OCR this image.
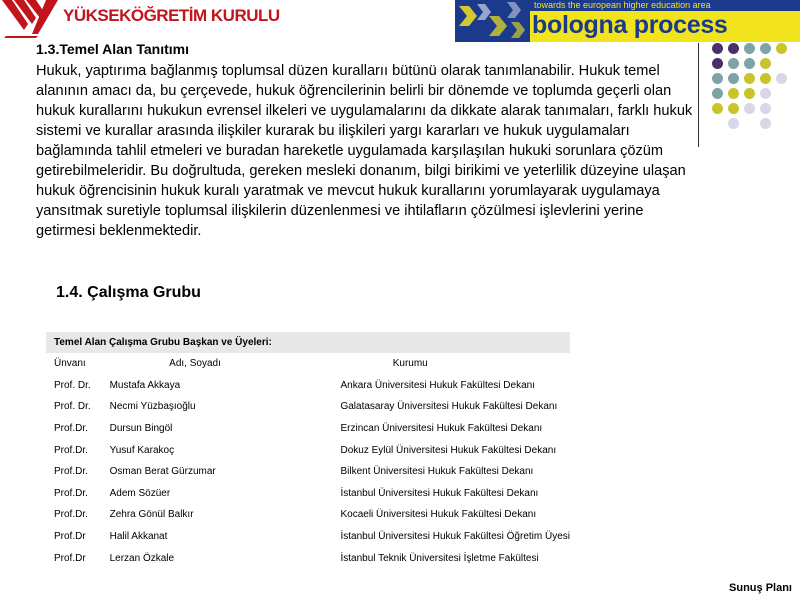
YÜKSEKÖĞRETİM KURULU
towards the european higher education area
bologna process
1.3.Temel Alan Tanıtımı

Hukuk, yaptırıma bağlanmış toplumsal düzen kurallarıı bütünü olarak tanımlanabilir. Hukuk temel alanının amacı da, bu çerçevede, hukuk öğrencilerinin belirli bir dönemde ve toplumda geçerli olan hukuk kurallarını hukukun evrensel ilkeleri ve uygulamalarını da dikkate alarak tanımaları, farklı hukuk sistemi ve kurallar arasında ilişkiler kurarak bu ilişkileri yargı kararları ve hukuk uygulamaları bağlamında tahlil etmeleri ve buradan hareketle uygulamada karşılaşılan hukuki sorunlara çözüm getirebilmeleridir. Bu doğrultuda, gereken mesleki donanım, bilgi birikimi ve yeterlilik düzeyine ulaşan hukuk öğrencisinin hukuk kuralı yaratmak ve mevcut hukuk kurallarını yorumlayarak uygulamaya yansıtmak suretiyle toplumsal ilişkilerin düzenlenmesi ve ihtilafların çözülmesi işlevlerini yerine getirmesi beklenmektedir.

1.4. Çalışma Grubu
Temel Alan Çalışma Grubu Başkan ve Üyeleri:		
Ünvanı	Adı, Soyadı	Kurumu
Prof. Dr.	Mustafa Akkaya	Ankara Üniversitesi Hukuk Fakültesi Dekanı
Prof. Dr.	Necmi Yüzbaşıoğlu	Galatasaray Üniversitesi Hukuk Fakültesi Dekanı
Prof.Dr.	Dursun Bingöl	Erzincan Üniversitesi Hukuk Fakültesi Dekanı
Prof.Dr.	Yusuf Karakoç	Dokuz Eylül Üniversitesi Hukuk Fakültesi Dekanı
Prof.Dr.	Osman Berat Gürzumar	Bilkent Üniversitesi Hukuk Fakültesi Dekanı
Prof.Dr.	Adem Sözüer	İstanbul Üniversitesi Hukuk Fakültesi Dekanı
Prof.Dr.	Zehra Gönül Balkır	Kocaeli Üniversitesi Hukuk Fakültesi Dekanı
Prof.Dr	Halil Akkanat	İstanbul Üniversitesi Hukuk Fakültesi Öğretim Üyesi
Prof.Dr	Lerzan Özkale	İstanbul Teknik Üniversitesi İşletme Fakültesi
Sunuş Planı
